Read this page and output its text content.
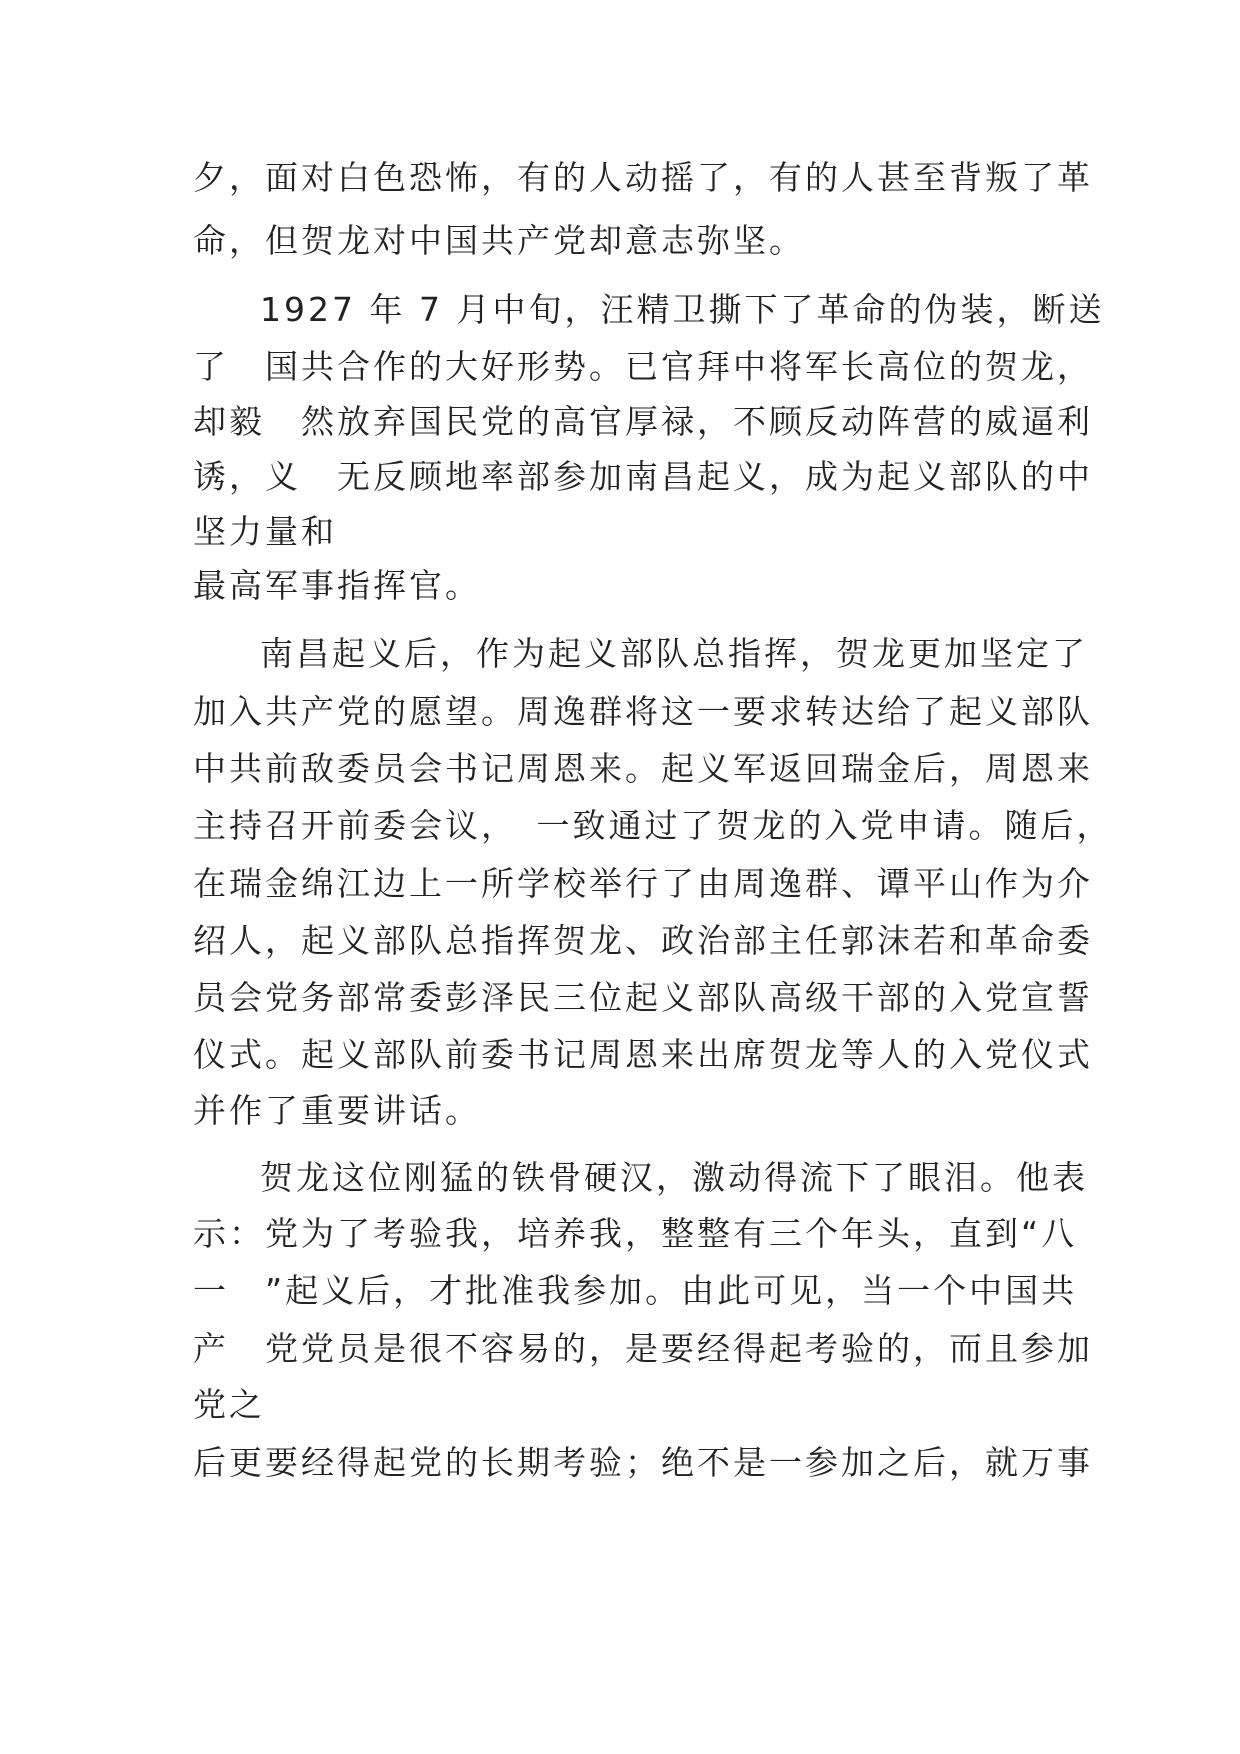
夕，面对白色恐怖，有的人动摇了，有的人甚至背叛了革

命，但贺龙对中国共产党却意志弥坚。

1927 年 7 月中旬，汪精卫撕下了革命的伪装，断送

了　国共合作的大好形势。已官拜中将军长高位的贺龙，

却毅　然放弃国民党的高官厚禄，不顾反动阵营的威逼利

诱，义　无反顾地率部参加南昌起义，成为起义部队的中

坚力量和

最高军事指挥官。

南昌起义后，作为起义部队总指挥，贺龙更加坚定了

加入共产党的愿望。周逸群将这一要求转达给了起义部队

中共前敌委员会书记周恩来。起义军返回瑞金后，周恩来

主持召开前委会议，　一致通过了贺龙的入党申请。随后，

在瑞金绵江边上一所学校举行了由周逸群、谭平山作为介

绍人，起义部队总指挥贺龙、政治部主任郭沫若和革命委

员会党务部常委彭泽民三位起义部队高级干部的入党宣誓

仪式。起义部队前委书记周恩来出席贺龙等人的入党仪式

并作了重要讲话。

贺龙这位刚猛的铁骨硬汉，激动得流下了眼泪。他表

示：党为了考验我，培养我，整整有三个年头，直到“八

一　”起义后，才批准我参加。由此可见，当一个中国共

产　党党员是很不容易的，是要经得起考验的，而且参加

党之

后更要经得起党的长期考验；绝不是一参加之后，就万事
